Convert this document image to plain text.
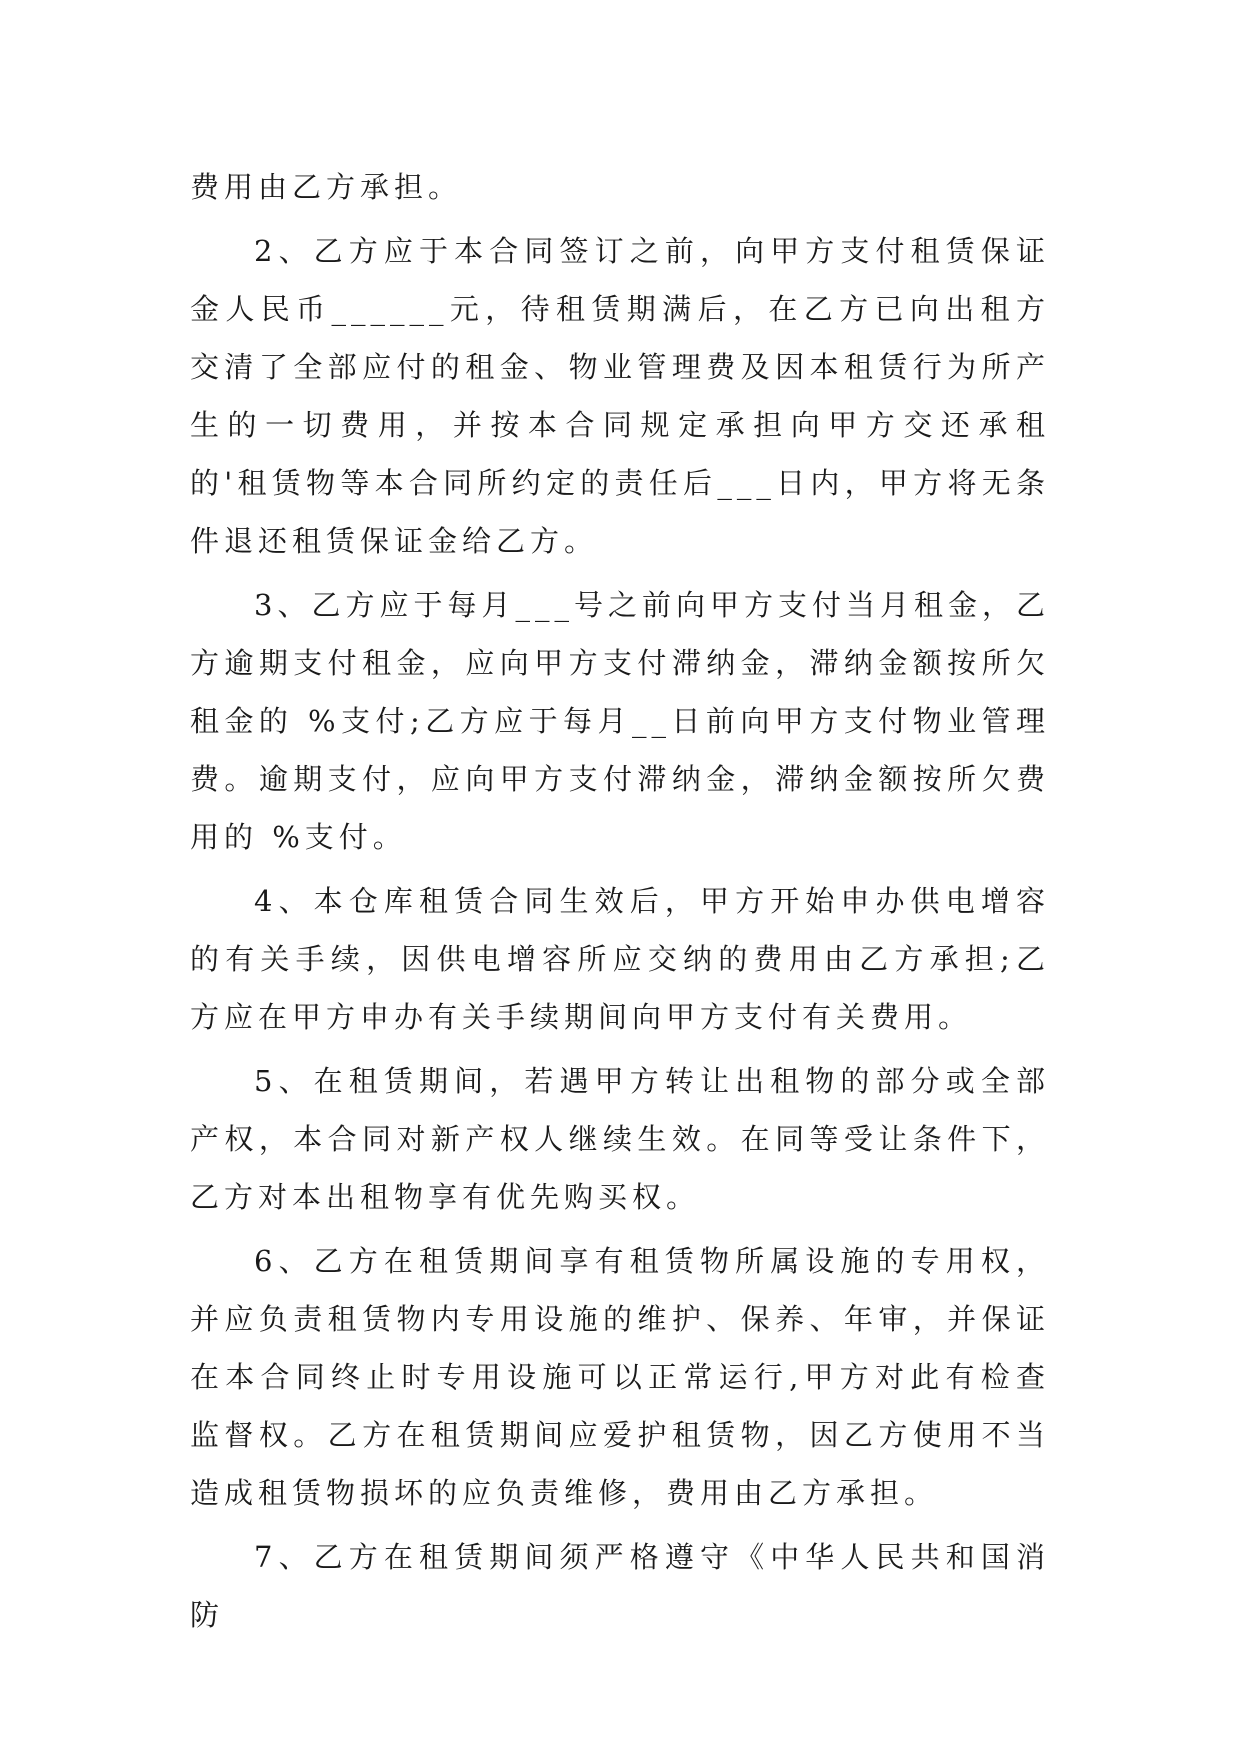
费用由乙方承担。

2、乙方应于本合同签订之前，向甲方支付租赁保证金人民币______元，待租赁期满后，在乙方已向出租方交清了全部应付的租金、物业管理费及因本租赁行为所产生的一切费用，并按本合同规定承担向甲方交还承租的'租赁物等本合同所约定的责任后___日内，甲方将无条件退还租赁保证金给乙方。

3、乙方应于每月___号之前向甲方支付当月租金，乙方逾期支付租金，应向甲方支付滞纳金，滞纳金额按所欠租金的 %支付;乙方应于每月__日前向甲方支付物业管理费。逾期支付，应向甲方支付滞纳金，滞纳金额按所欠费用的 %支付。

4、本仓库租赁合同生效后，甲方开始申办供电增容的有关手续，因供电增容所应交纳的费用由乙方承担;乙方应在甲方申办有关手续期间向甲方支付有关费用。

5、在租赁期间，若遇甲方转让出租物的部分或全部产权，本合同对新产权人继续生效。在同等受让条件下，乙方对本出租物享有优先购买权。

6、乙方在租赁期间享有租赁物所属设施的专用权，并应负责租赁物内专用设施的维护、保养、年审，并保证在本合同终止时专用设施可以正常运行,甲方对此有检查监督权。乙方在租赁期间应爱护租赁物，因乙方使用不当造成租赁物损坏的应负责维修，费用由乙方承担。

7、乙方在租赁期间须严格遵守《中华人民共和国消防
